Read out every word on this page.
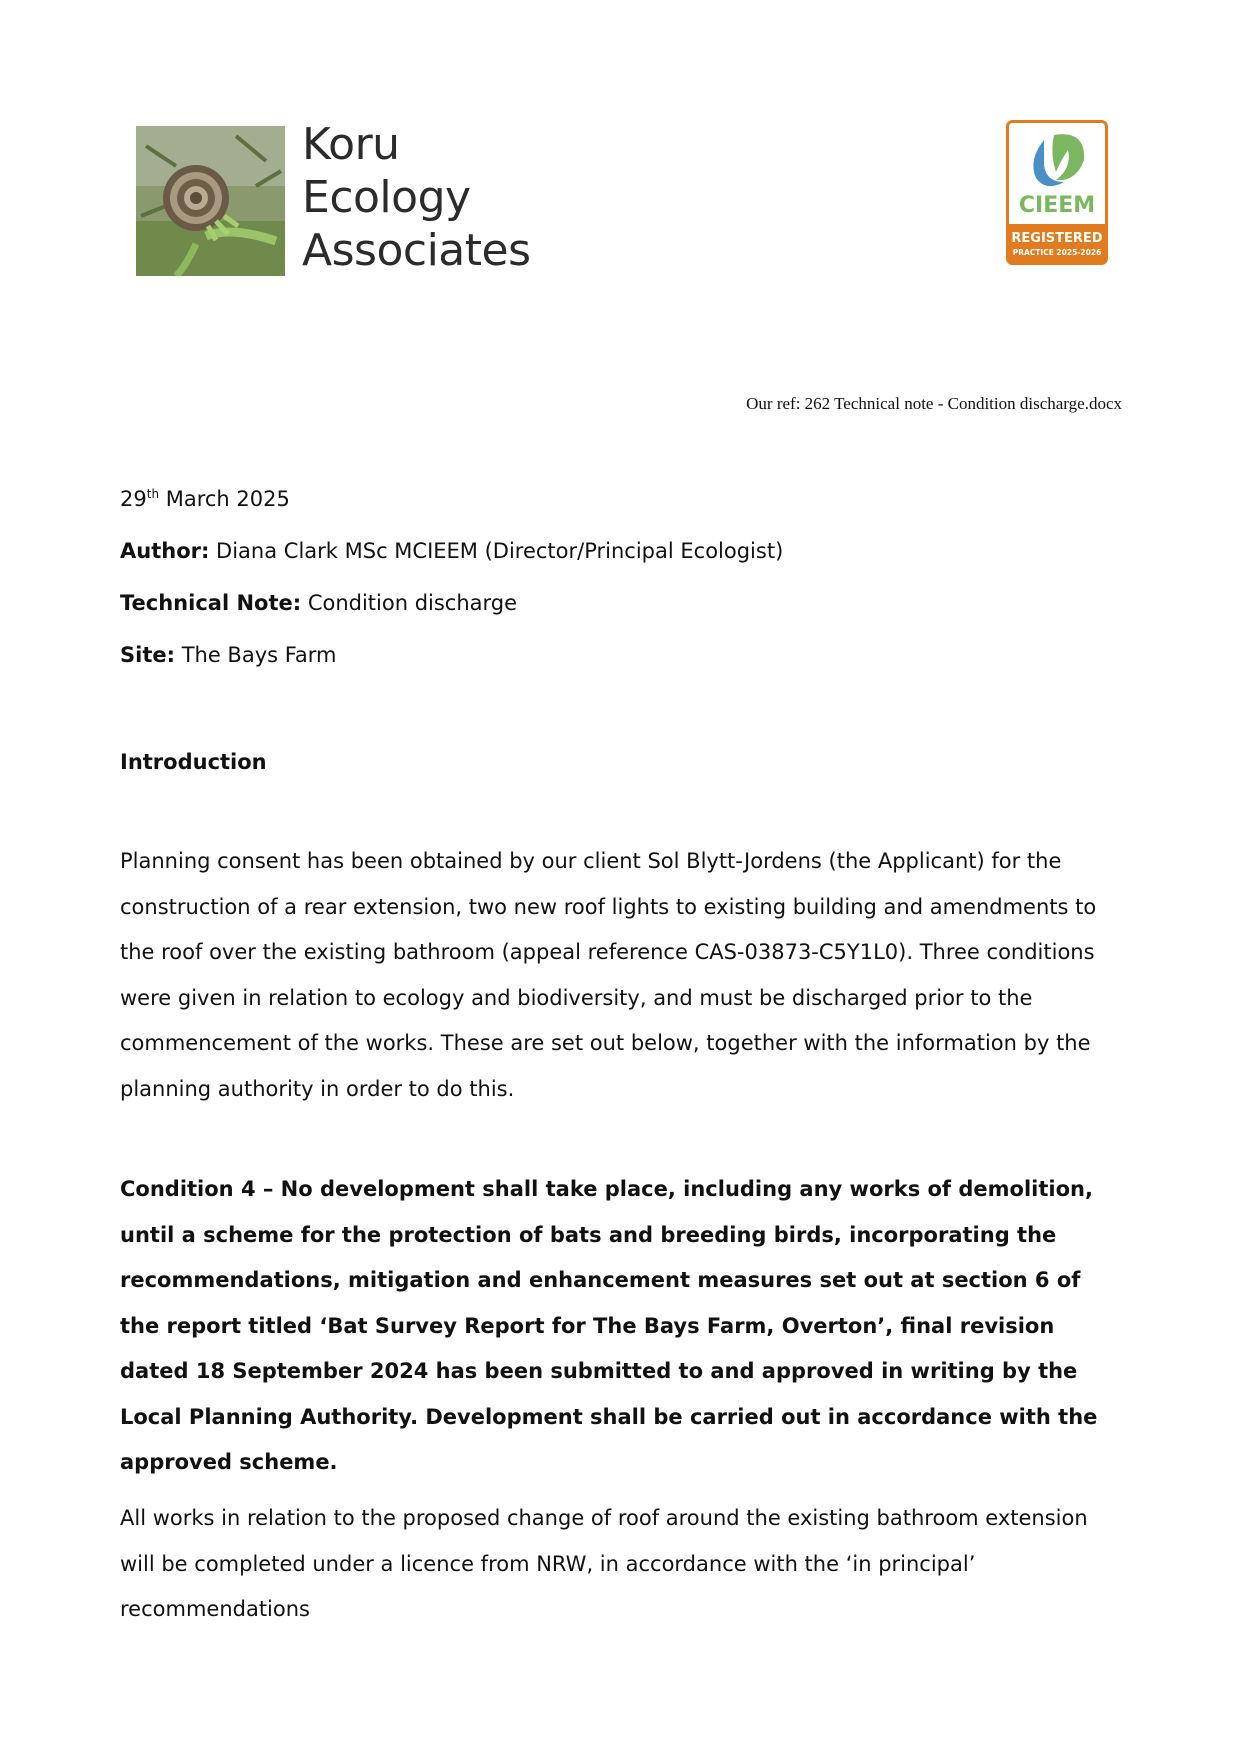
Koru
Ecology
Associates
CIEEM
REGISTERED
PRACTICE 2025-2026
Our ref: 262 Technical note - Condition discharge.docx
29th March 2025
Author: Diana Clark MSc MCIEEM (Director/Principal Ecologist)
Technical Note: Condition discharge
Site: The Bays Farm
Introduction
Planning consent has been obtained by our client Sol Blytt-Jordens (the Applicant) for the construction of a rear extension, two new roof lights to existing building and amendments to the roof over the existing bathroom (appeal reference CAS-03873-C5Y1L0). Three conditions were given in relation to ecology and biodiversity, and must be discharged prior to the commencement of the works. These are set out below, together with the information by the planning authority in order to do this.
Condition 4 – No development shall take place, including any works of demolition, until a scheme for the protection of bats and breeding birds, incorporating the recommendations, mitigation and enhancement measures set out at section 6 of the report titled ‘Bat Survey Report for The Bays Farm, Overton’, final revision dated 18 September 2024 has been submitted to and approved in writing by the Local Planning Authority. Development shall be carried out in accordance with the approved scheme.
All works in relation to the proposed change of roof around the existing bathroom extension will be completed under a licence from NRW, in accordance with the ‘in principal’ recommendations
